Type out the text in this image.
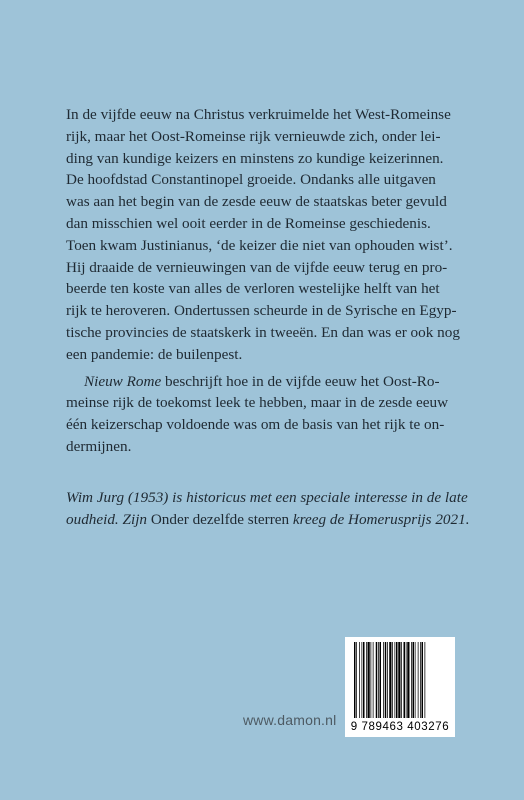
In de vijfde eeuw na Christus verkruimelde het West-Romeinse
rijk, maar het Oost-Romeinse rijk vernieuwde zich, onder lei-
ding van kundige keizers en minstens zo kundige keizerinnen.
De hoofdstad Constantinopel groeide. Ondanks alle uitgaven
was aan het begin van de zesde eeuw de staatskas beter gevuld
dan misschien wel ooit eerder in de Romeinse geschiedenis.
Toen kwam Justinianus, ‘de keizer die niet van ophouden wist’.
Hij draaide de vernieuwingen van de vijfde eeuw terug en pro-
beerde ten koste van alles de verloren westelijke helft van het
rijk te heroveren. Ondertussen scheurde in de Syrische en Egyp-
tische provincies de staatskerk in tweeën. En dan was er ook nog
een pandemie: de builenpest.
Nieuw Rome beschrijft hoe in de vijfde eeuw het Oost-Ro-
meinse rijk de toekomst leek te hebben, maar in de zesde eeuw
één keizerschap voldoende was om de basis van het rijk te on-
dermijnen.
Wim Jurg (1953) is historicus met een speciale interesse in de late
oudheid. Zijn Onder dezelfde sterren kreeg de Homerusprijs 2021.
www.damon.nl	9 789463 403276
